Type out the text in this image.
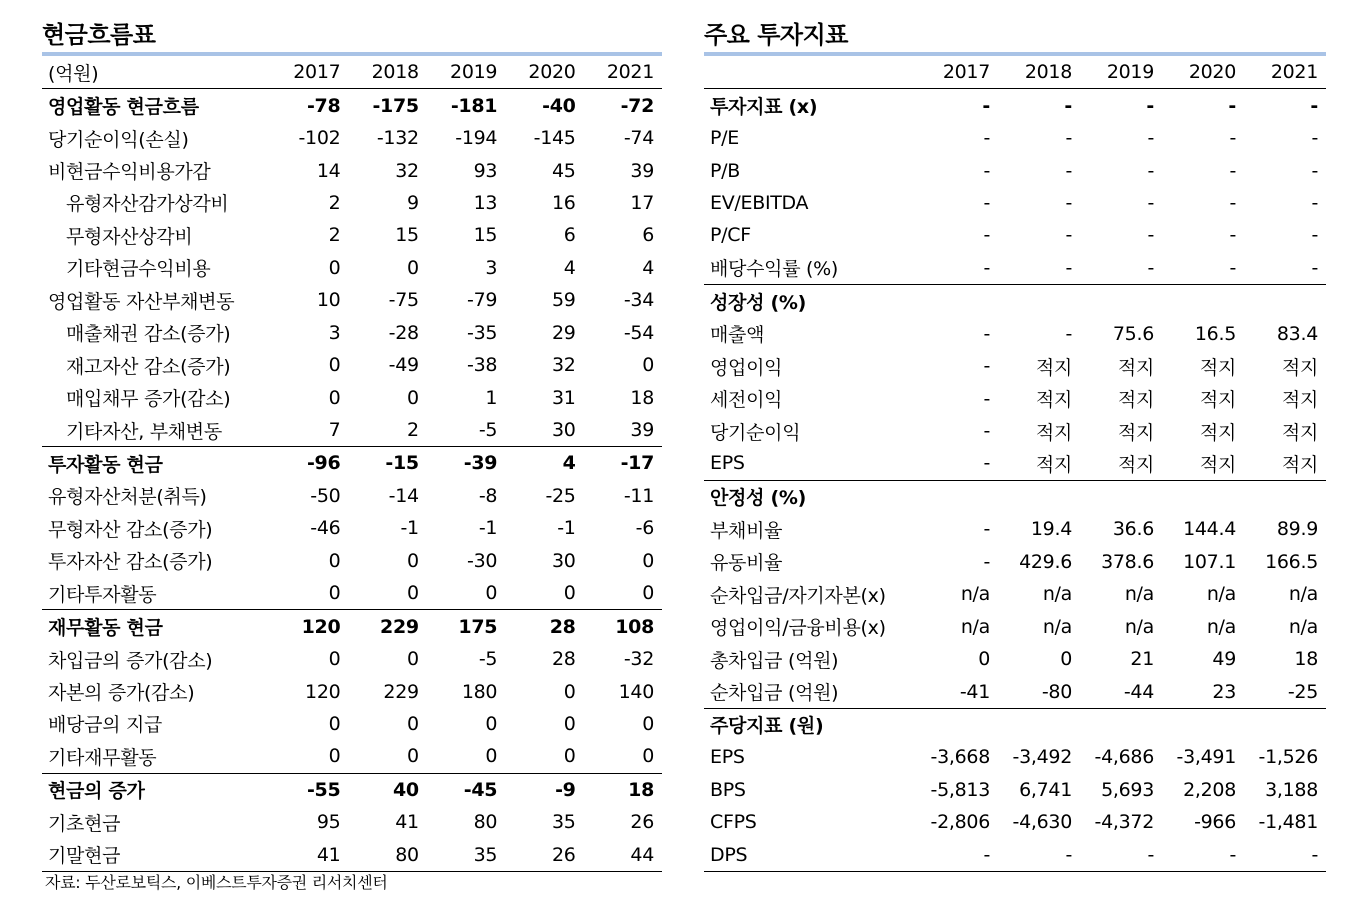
현금흐름표
(억원)	2017	2018	2019	2020	2021
영업활동 현금흐름	-78	-175	-181	-40	-72
당기순이익(손실)	-102	-132	-194	-145	-74
비현금수익비용가감	14	32	93	45	39
유형자산감가상각비	2	9	13	16	17
무형자산상각비	2	15	15	6	6
기타현금수익비용	0	0	3	4	4
영업활동 자산부채변동	10	-75	-79	59	-34
매출채권 감소(증가)	3	-28	-35	29	-54
재고자산 감소(증가)	0	-49	-38	32	0
매입채무 증가(감소)	0	0	1	31	18
기타자산, 부채변동	7	2	-5	30	39
투자활동 현금	-96	-15	-39	4	-17
유형자산처분(취득)	-50	-14	-8	-25	-11
무형자산 감소(증가)	-46	-1	-1	-1	-6
투자자산 감소(증가)	0	0	-30	30	0
기타투자활동	0	0	0	0	0
재무활동 현금	120	229	175	28	108
차입금의 증가(감소)	0	0	-5	28	-32
자본의 증가(감소)	120	229	180	0	140
배당금의 지급	0	0	0	0	0
기타재무활동	0	0	0	0	0
현금의 증가	-55	40	-45	-9	18
기초현금	95	41	80	35	26
기말현금	41	80	35	26	44
주요 투자지표
	2017	2018	2019	2020	2021
투자지표 (x)	-	-	-	-	-
P/E	-	-	-	-	-
P/B	-	-	-	-	-
EV/EBITDA	-	-	-	-	-
P/CF	-	-	-	-	-
배당수익률 (%)	-	-	-	-	-
성장성 (%)					
매출액	-	-	75.6	16.5	83.4
영업이익	-	적지	적지	적지	적지
세전이익	-	적지	적지	적지	적지
당기순이익	-	적지	적지	적지	적지
EPS	-	적지	적지	적지	적지
안정성 (%)					
부채비율	-	19.4	36.6	144.4	89.9
유동비율	-	429.6	378.6	107.1	166.5
순차입금/자기자본(x)	n/a	n/a	n/a	n/a	n/a
영업이익/금융비용(x)	n/a	n/a	n/a	n/a	n/a
총차입금 (억원)	0	0	21	49	18
순차입금 (억원)	-41	-80	-44	23	-25
주당지표 (원)					
EPS	-3,668	-3,492	-4,686	-3,491	-1,526
BPS	-5,813	6,741	5,693	2,208	3,188
CFPS	-2,806	-4,630	-4,372	-966	-1,481
DPS	-	-	-	-	-
자료: 두산로보틱스, 이베스트투자증권 리서치센터
